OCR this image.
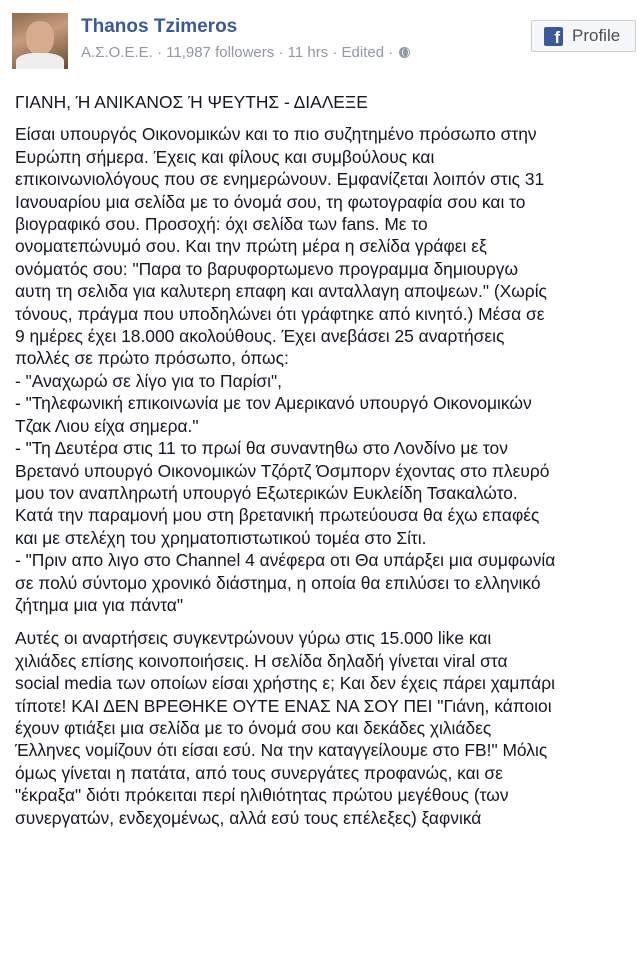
Thanos Tzimeros
Α.Σ.Ο.Ε.Ε. · 11,987 followers · 11 hrs · Edited ·
f Profile

ΓΙΑΝΗ, Ή ΑΝΙΚΑΝΟΣ Ή ΨΕΥΤΗΣ - ΔΙΑΛΕΞΕ

Είσαι υπουργός Οικονομικών και το πιο συζητημένο πρόσωπο στην

Ευρώπη σήμερα. Έχεις και φίλους και συμβούλους και

επικοινωνιολόγους που σε ενημερώνουν. Εμφανίζεται λοιπόν στις 31

Ιανουαρίου μια σελίδα με το όνομά σου, τη φωτογραφία σου και το

βιογραφικό σου. Προσοχή: όχι σελίδα των fans. Με το

ονοματεπώνυμό σου. Και την πρώτη μέρα η σελίδα γράφει εξ

ονόματός σου: "Παρα το βαρυφορτωμενο προγραμμα δημιουργω

αυτη τη σελιδα για καλυτερη επαφη και ανταλλαγη αποψεων." (Χωρίς

τόνους, πράγμα που υποδηλώνει ότι γράφτηκε από κινητό.) Μέσα σε

9 ημέρες έχει 18.000 ακολούθους. Έχει ανεβάσει 25 αναρτήσεις

πολλές σε πρώτο πρόσωπο, όπως:

- "Αναχωρώ σε λίγο για το Παρίσι",

- "Τηλεφωνική επικοινωνία με τον Αμερικανό υπουργό Οικονομικών

Τζακ Λιου είχα σημερα."

- "Τη Δευτέρα στις 11 το πρωί θα συναντηθω στο Λονδίνο με τον

Βρετανό υπουργό Οικονομικών Τζόρτζ Όσμπορν έχοντας στο πλευρό

μου τον αναπληρωτή υπουργό Εξωτερικών Ευκλείδη Τσακαλώτο.

Κατά την παραμονή μου στη βρετανική πρωτεύουσα θα έχω επαφές

και με στελέχη του χρηματοπιστωτικού τομέα στο Σίτι.

- "Πριν απο λιγο στο Channel 4 ανέφερα οτι Θα υπάρξει μια συμφωνία

σε πολύ σύντομο χρονικό διάστημα, η οποία θα επιλύσει το ελληνικό

ζήτημα μια για πάντα"

Αυτές οι αναρτήσεις συγκεντρώνουν γύρω στις 15.000 like και

χιλιάδες επίσης κοινοποιήσεις. Η σελίδα δηλαδή γίνεται viral στα

social media των οποίων είσαι χρήστης ε; Και δεν έχεις πάρει χαμπάρι

τίποτε! ΚΑΙ ΔΕΝ ΒΡΕΘΗΚΕ ΟΥΤΕ ΕΝΑΣ ΝΑ ΣΟΥ ΠΕΙ "Γιάνη, κάποιοι

έχουν φτιάξει μια σελίδα με το όνομά σου και δεκάδες χιλιάδες

Έλληνες νομίζουν ότι είσαι εσύ. Να την καταγγείλουμε στο FB!" Μόλις

όμως γίνεται η πατάτα, από τους συνεργάτες προφανώς, και σε

"έκραξα" διότι πρόκειται περί ηλιθιότητας πρώτου μεγέθους (των

συνεργατών, ενδεχομένως, αλλά εσύ τους επέλεξες) ξαφνικά
